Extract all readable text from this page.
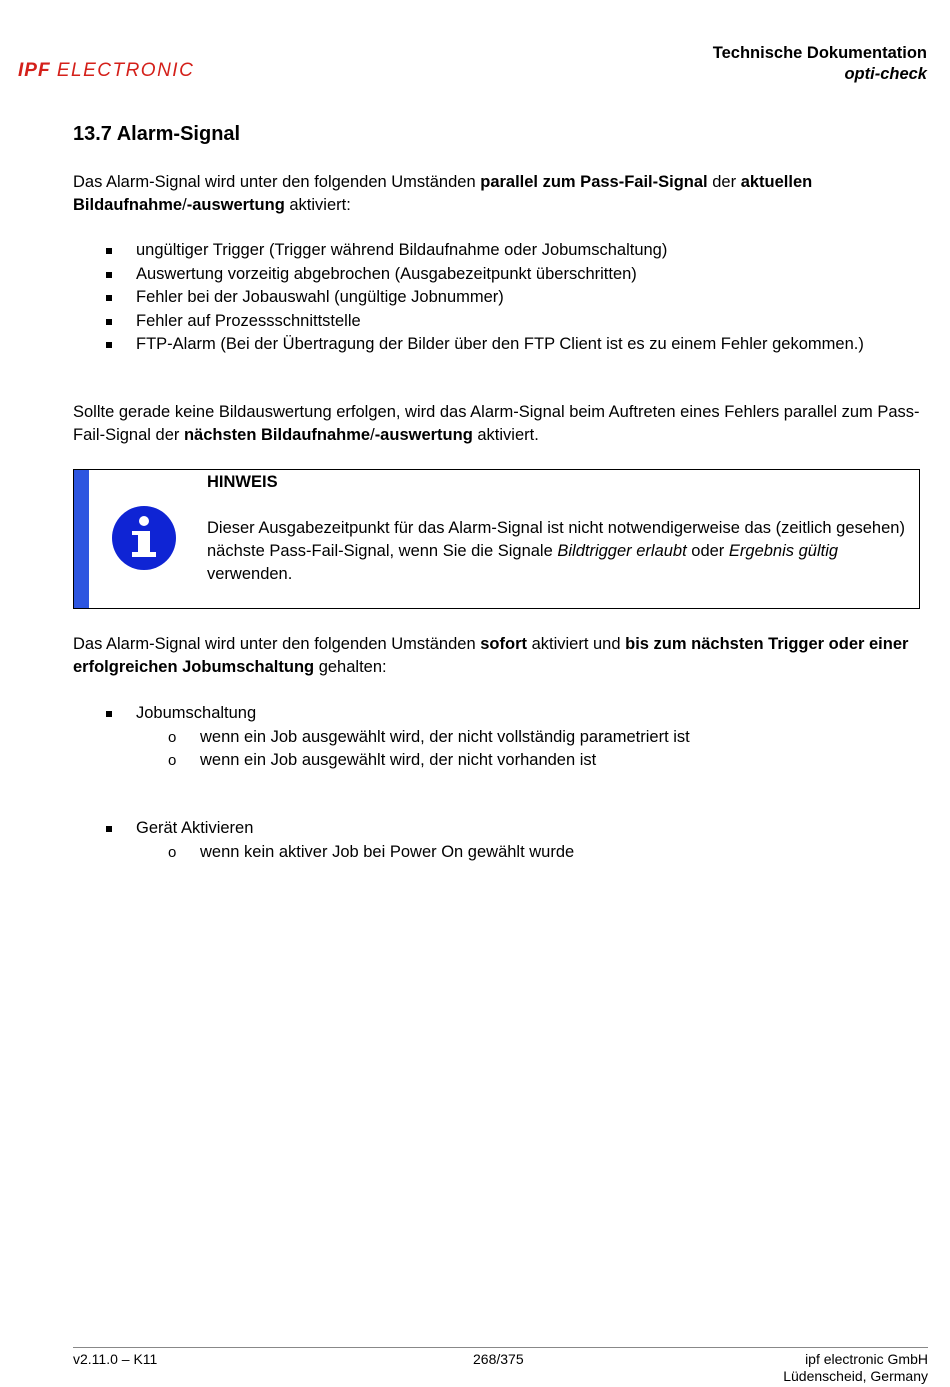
IPF ELECTRONIC
Technische Dokumentation
opti-check
13.7 Alarm-Signal

Das Alarm-Signal wird unter den folgenden Umständen parallel zum Pass-Fail-Signal der aktuellen Bildaufnahme/-auswertung aktiviert:

ungültiger Trigger (Trigger während Bildaufnahme oder Jobumschaltung)
Auswertung vorzeitig abgebrochen (Ausgabezeitpunkt überschritten)
Fehler bei der Jobauswahl (ungültige Jobnummer)
Fehler auf Prozessschnittstelle
FTP-Alarm (Bei der Übertragung der Bilder über den FTP Client ist es zu einem Fehler gekommen.)

Sollte gerade keine Bildauswertung erfolgen, wird das Alarm-Signal beim Auftreten eines Fehlers parallel zum Pass-Fail-Signal der nächsten Bildaufnahme/-auswertung aktiviert.

HINWEIS
Dieser Ausgabezeitpunkt für das Alarm-Signal ist nicht notwendigerweise das (zeitlich gesehen) nächste Pass-Fail-Signal, wenn Sie die Signale Bildtrigger erlaubt oder Ergebnis gültig verwenden.

Das Alarm-Signal wird unter den folgenden Umständen sofort aktiviert und bis zum nächsten Trigger oder einer erfolgreichen Jobumschaltung gehalten:

Jobumschaltung
o wenn ein Job ausgewählt wird, der nicht vollständig parametriert ist
o wenn ein Job ausgewählt wird, der nicht vorhanden ist
Gerät Aktivieren
o wenn kein aktiver Job bei Power On gewählt wurde
v2.11.0 – K11	268/375	ipf electronic GmbH
Lüdenscheid, Germany
